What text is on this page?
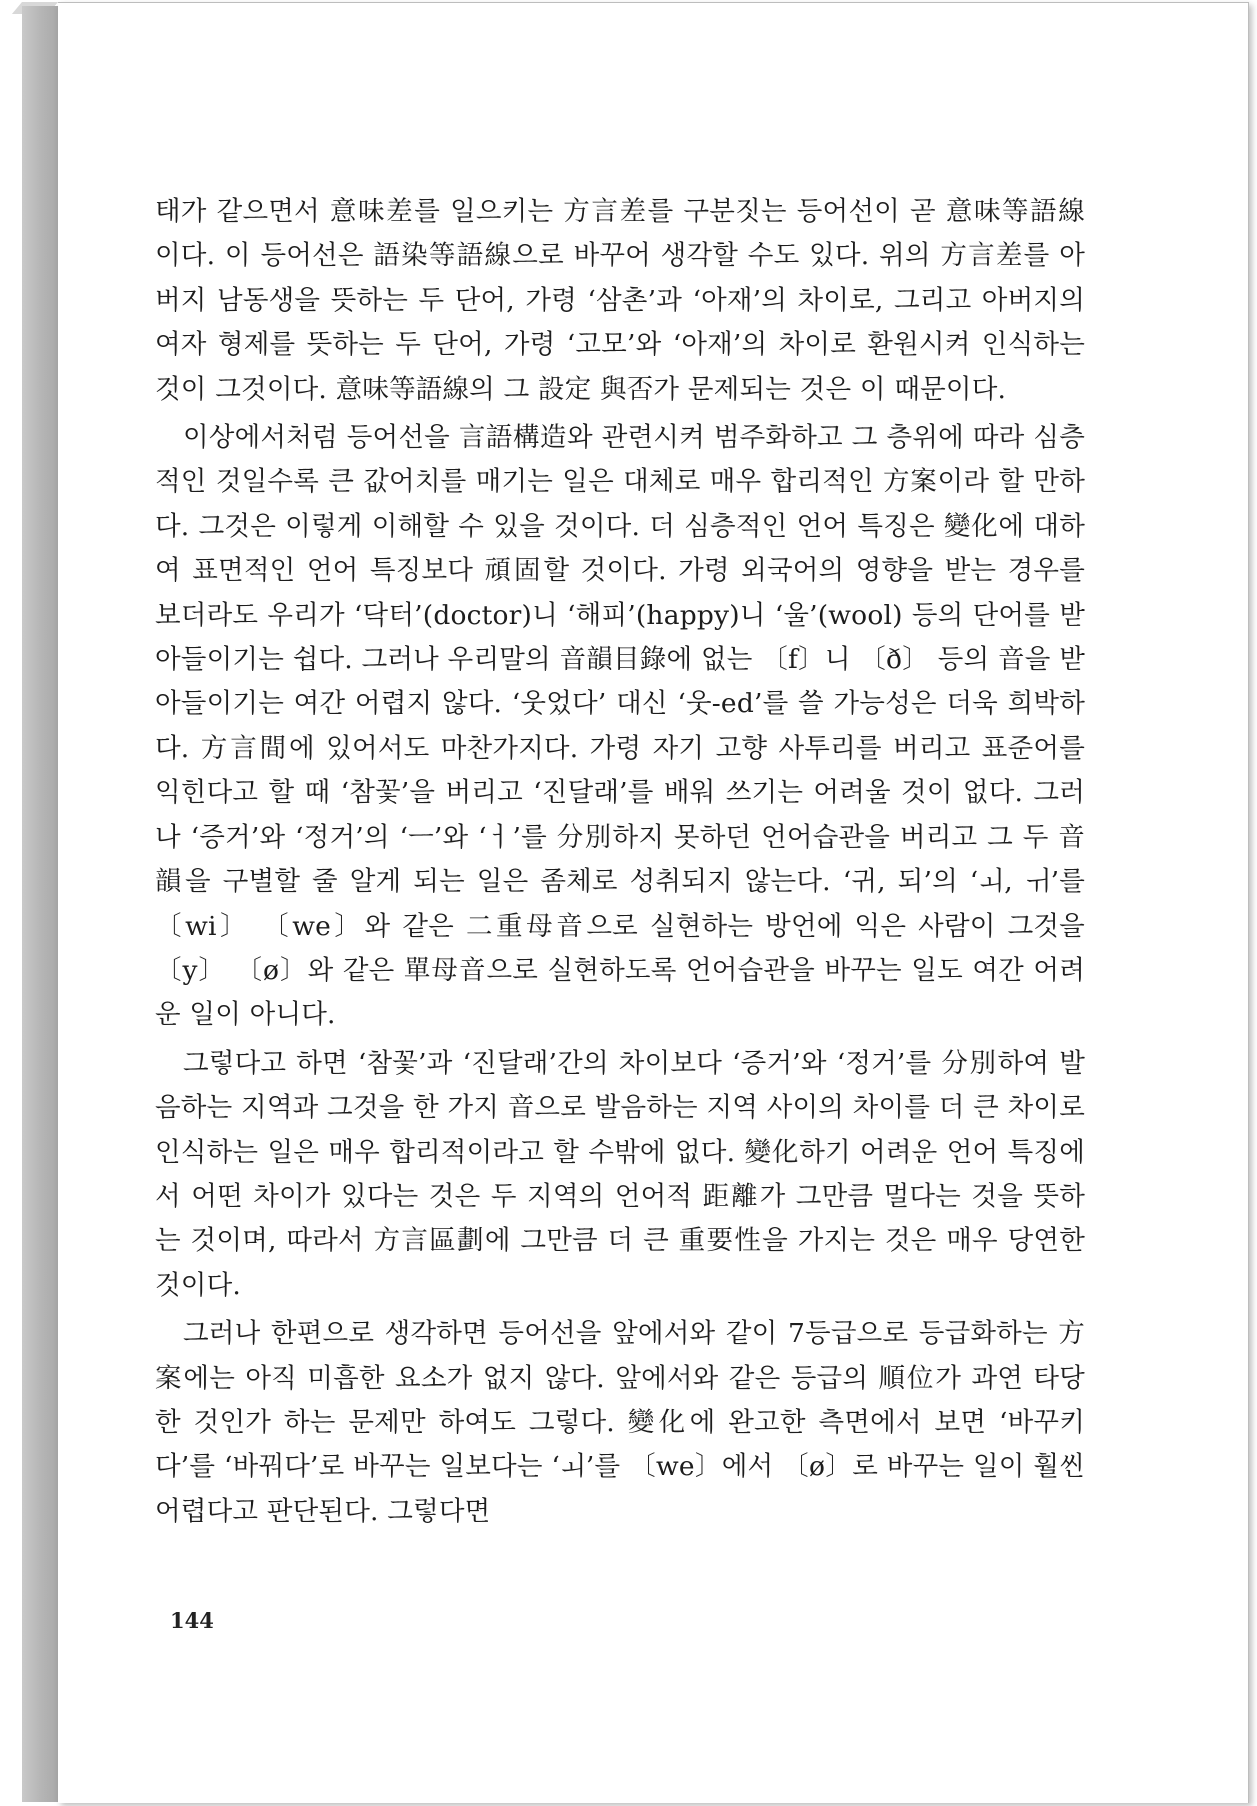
태가 같으면서 意味差를 일으키는 方言差를 구분짓는 등어선이 곧 意味等語線이다. 이 등어선은 語染等語線으로 바꾸어 생각할 수도 있다. 위의 方言差를 아버지 남동생을 뜻하는 두 단어, 가령 ‘삼촌’과 ‘아재’의 차이로, 그리고 아버지의 여자 형제를 뜻하는 두 단어, 가령 ‘고모’와 ‘아재’의 차이로 환원시켜 인식하는 것이 그것이다. 意味等語線의 그 設定 與否가 문제되는 것은 이 때문이다.

이상에서처럼 등어선을 言語構造와 관련시켜 범주화하고 그 층위에 따라 심층적인 것일수록 큰 값어치를 매기는 일은 대체로 매우 합리적인 方案이라 할 만하다. 그것은 이렇게 이해할 수 있을 것이다. 더 심층적인 언어 특징은 變化에 대하여 표면적인 언어 특징보다 頑固할 것이다. 가령 외국어의 영향을 받는 경우를 보더라도 우리가 ‘닥터’(doctor)니 ‘해피’(happy)니 ‘울’(wool) 등의 단어를 받아들이기는 쉽다. 그러나 우리말의 音韻目錄에 없는 〔f〕니 〔ð〕 등의 音을 받아들이기는 여간 어렵지 않다. ‘웃었다’ 대신 ‘웃-ed’를 쓸 가능성은 더욱 희박하다. 方言間에 있어서도 마찬가지다. 가령 자기 고향 사투리를 버리고 표준어를 익힌다고 할 때 ‘참꽃’을 버리고 ‘진달래’를 배워 쓰기는 어려울 것이 없다. 그러나 ‘증거’와 ‘정거’의 ‘ㅡ’와 ‘ㅓ’를 分別하지 못하던 언어습관을 버리고 그 두 音韻을 구별할 줄 알게 되는 일은 좀체로 성취되지 않는다. ‘귀, 되’의 ‘ㅚ, ㅟ’를 〔wi〕 〔we〕와 같은 二重母音으로 실현하는 방언에 익은 사람이 그것을 〔y〕 〔ø〕와 같은 單母音으로 실현하도록 언어습관을 바꾸는 일도 여간 어려운 일이 아니다.

그렇다고 하면 ‘참꽃’과 ‘진달래’간의 차이보다 ‘증거’와 ‘정거’를 分別하여 발음하는 지역과 그것을 한 가지 音으로 발음하는 지역 사이의 차이를 더 큰 차이로 인식하는 일은 매우 합리적이라고 할 수밖에 없다. 變化하기 어려운 언어 특징에서 어떤 차이가 있다는 것은 두 지역의 언어적 距離가 그만큼 멀다는 것을 뜻하는 것이며, 따라서 方言區劃에 그만큼 더 큰 重要性을 가지는 것은 매우 당연한 것이다.

그러나 한편으로 생각하면 등어선을 앞에서와 같이 7등급으로 등급화하는 方案에는 아직 미흡한 요소가 없지 않다. 앞에서와 같은 등급의 順位가 과연 타당한 것인가 하는 문제만 하여도 그렇다. 變化에 완고한 측면에서 보면 ‘바꾸키다’를 ‘바꿔다’로 바꾸는 일보다는 ‘ㅚ’를 〔we〕에서 〔ø〕로 바꾸는 일이 훨씬 어렵다고 판단된다. 그렇다면

144
